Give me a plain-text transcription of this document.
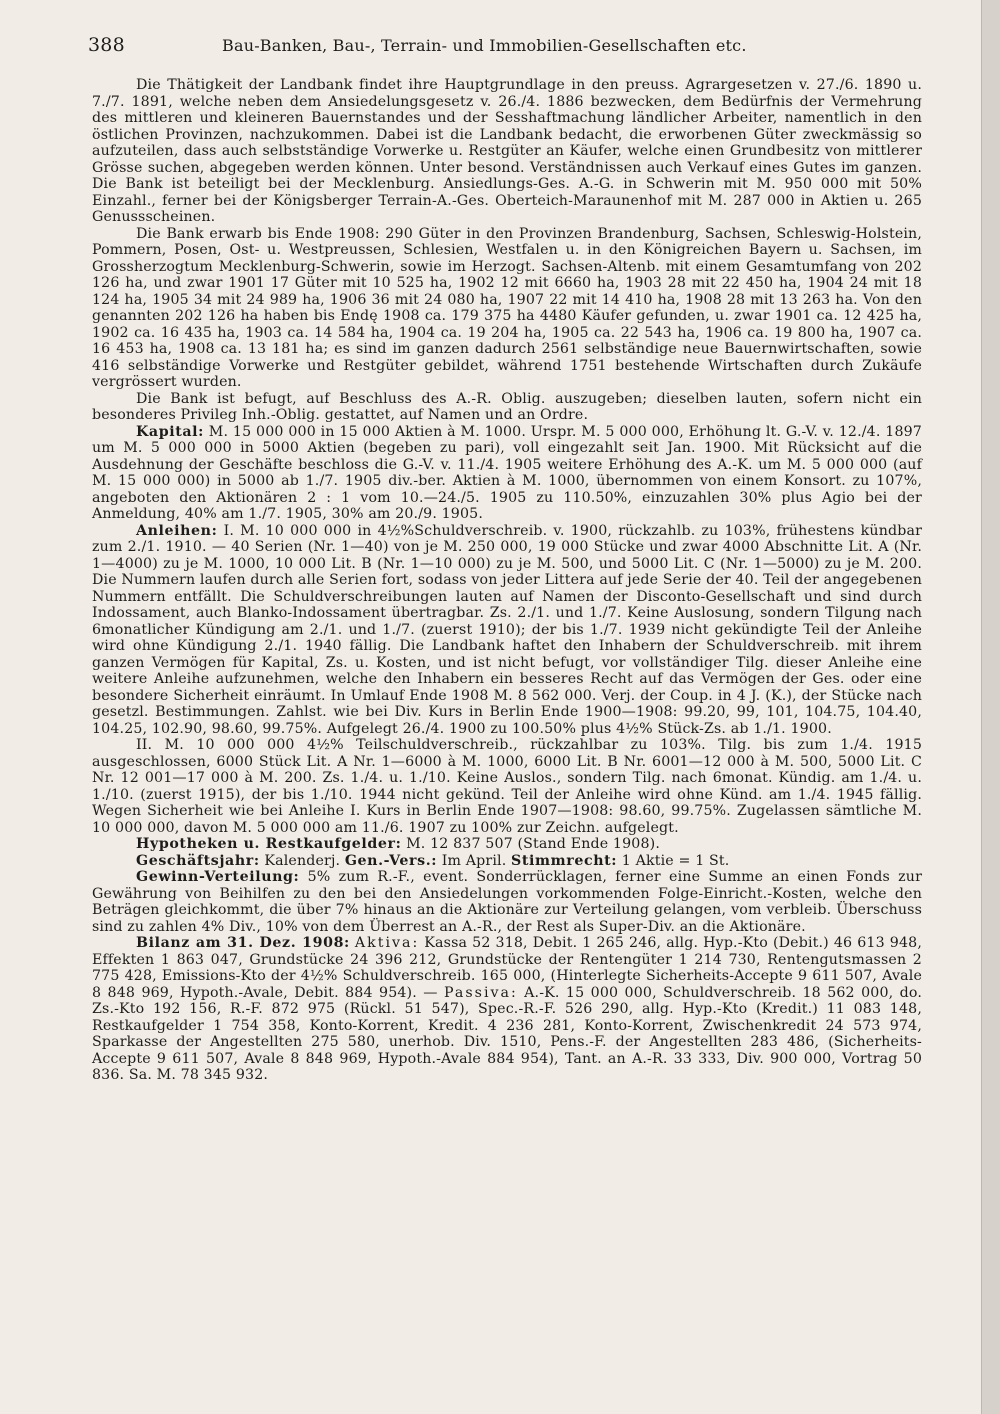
388	Bau-Banken, Bau-, Terrain- und Immobilien-Gesellschaften etc.

Die Thätigkeit der Landbank findet ihre Hauptgrundlage in den preuss. Agrargesetzen v. 27./6. 1890 u. 7./7. 1891, welche neben dem Ansiedelungsgesetz v. 26./4. 1886 bezwecken, dem Bedürfnis der Vermehrung des mittleren und kleineren Bauernstandes und der Sesshaftmachung ländlicher Arbeiter, namentlich in den östlichen Provinzen, nachzukommen. Dabei ist die Landbank bedacht, die erworbenen Güter zweckmässig so aufzuteilen, dass auch selbstständige Vorwerke u. Restgüter an Käufer, welche einen Grundbesitz von mittlerer Grösse suchen, abgegeben werden können. Unter besond. Verständnissen auch Verkauf eines Gutes im ganzen. Die Bank ist beteiligt bei der Mecklenburg. Ansiedlungs-Ges. A.-G. in Schwerin mit M. 950 000 mit 50% Einzahl., ferner bei der Königsberger Terrain-A.-Ges. Oberteich-Maraunenhof mit M. 287 000 in Aktien u. 265 Genussscheinen.

Die Bank erwarb bis Ende 1908: 290 Güter in den Provinzen Brandenburg, Sachsen, Schleswig-Holstein, Pommern, Posen, Ost- u. Westpreussen, Schlesien, Westfalen u. in den Königreichen Bayern u. Sachsen, im Grossherzogtum Mecklenburg-Schwerin, sowie im Herzogt. Sachsen-Altenb. mit einem Gesamtumfang von 202 126 ha, und zwar 1901 17 Güter mit 10 525 ha, 1902 12 mit 6660 ha, 1903 28 mit 22 450 ha, 1904 24 mit 18 124 ha, 1905 34 mit 24 989 ha, 1906 36 mit 24 080 ha, 1907 22 mit 14 410 ha, 1908 28 mit 13 263 ha. Von den genannten 202 126 ha haben bis Endę 1908 ca. 179 375 ha 4480 Käufer gefunden, u. zwar 1901 ca. 12 425 ha, 1902 ca. 16 435 ha, 1903 ca. 14 584 ha, 1904 ca. 19 204 ha, 1905 ca. 22 543 ha, 1906 ca. 19 800 ha, 1907 ca. 16 453 ha, 1908 ca. 13 181 ha; es sind im ganzen dadurch 2561 selbständige neue Bauernwirtschaften, sowie 416 selbständige Vorwerke und Restgüter gebildet, während 1751 bestehende Wirtschaften durch Zukäufe vergrössert wurden.

Die Bank ist befugt, auf Beschluss des A.-R. Oblig. auszugeben; dieselben lauten, sofern nicht ein besonderes Privileg Inh.-Oblig. gestattet, auf Namen und an Ordre.

Kapital: M. 15 000 000 in 15 000 Aktien à M. 1000. Urspr. M. 5 000 000, Erhöhung lt. G.-V. v. 12./4. 1897 um M. 5 000 000 in 5000 Aktien (begeben zu pari), voll eingezahlt seit Jan. 1900. Mit Rücksicht auf die Ausdehnung der Geschäfte beschloss die G.-V. v. 11./4. 1905 weitere Erhöhung des A.-K. um M. 5 000 000 (auf M. 15 000 000) in 5000 ab 1./7. 1905 div.-ber. Aktien à M. 1000, übernommen von einem Konsort. zu 107%, angeboten den Aktionären 2 : 1 vom 10.—24./5. 1905 zu 110.50%, einzuzahlen 30% plus Agio bei der Anmeldung, 40% am 1./7. 1905, 30% am 20./9. 1905.

Anleihen: I. M. 10 000 000 in 4½%Schuldverschreib. v. 1900, rückzahlb. zu 103%, frühestens kündbar zum 2./1. 1910. — 40 Serien (Nr. 1—40) von je M. 250 000, 19 000 Stücke und zwar 4000 Abschnitte Lit. A (Nr. 1—4000) zu je M. 1000, 10 000 Lit. B (Nr. 1—10 000) zu je M. 500, und 5000 Lit. C (Nr. 1—5000) zu je M. 200. Die Nummern laufen durch alle Serien fort, sodass von jeder Littera auf jede Serie der 40. Teil der angegebenen Nummern entfällt. Die Schuldverschreibungen lauten auf Namen der Disconto-Gesellschaft und sind durch Indossament, auch Blanko-Indossament übertragbar. Zs. 2./1. und 1./7. Keine Auslosung, sondern Tilgung nach 6monatlicher Kündigung am 2./1. und 1./7. (zuerst 1910); der bis 1./7. 1939 nicht gekündigte Teil der Anleihe wird ohne Kündigung 2./1. 1940 fällig. Die Landbank haftet den Inhabern der Schuldverschreib. mit ihrem ganzen Vermögen für Kapital, Zs. u. Kosten, und ist nicht befugt, vor vollständiger Tilg. dieser Anleihe eine weitere Anleihe aufzunehmen, welche den Inhabern ein besseres Recht auf das Vermögen der Ges. oder eine besondere Sicherheit einräumt. In Umlauf Ende 1908 M. 8 562 000. Verj. der Coup. in 4 J. (K.), der Stücke nach gesetzl. Bestimmungen. Zahlst. wie bei Div. Kurs in Berlin Ende 1900—1908: 99.20, 99, 101, 104.75, 104.40, 104.25, 102.90, 98.60, 99.75%. Aufgelegt 26./4. 1900 zu 100.50% plus 4½% Stück-Zs. ab 1./1. 1900.

II. M. 10 000 000 4½% Teilschuldverschreib., rückzahlbar zu 103%. Tilg. bis zum 1./4. 1915 ausgeschlossen, 6000 Stück Lit. A Nr. 1—6000 à M. 1000, 6000 Lit. B Nr. 6001—12 000 à M. 500, 5000 Lit. C Nr. 12 001—17 000 à M. 200. Zs. 1./4. u. 1./10. Keine Auslos., sondern Tilg. nach 6monat. Kündig. am 1./4. u. 1./10. (zuerst 1915), der bis 1./10. 1944 nicht gekünd. Teil der Anleihe wird ohne Künd. am 1./4. 1945 fällig. Wegen Sicherheit wie bei Anleihe I. Kurs in Berlin Ende 1907—1908: 98.60, 99.75%. Zugelassen sämtliche M. 10 000 000, davon M. 5 000 000 am 11./6. 1907 zu 100% zur Zeichn. aufgelegt.

Hypotheken u. Restkaufgelder: M. 12 837 507 (Stand Ende 1908).

Geschäftsjahr: Kalenderj. Gen.-Vers.: Im April. Stimmrecht: 1 Aktie = 1 St.

Gewinn-Verteilung: 5% zum R.-F., event. Sonderrücklagen, ferner eine Summe an einen Fonds zur Gewährung von Beihilfen zu den bei den Ansiedelungen vorkommenden Folge-Einricht.-Kosten, welche den Beträgen gleichkommt, die über 7% hinaus an die Aktionäre zur Verteilung gelangen, vom verbleib. Überschuss sind zu zahlen 4% Div., 10% von dem Überrest an A.-R., der Rest als Super-Div. an die Aktionäre.

Bilanz am 31. Dez. 1908: Aktiva: Kassa 52 318, Debit. 1 265 246, allg. Hyp.-Kto (Debit.) 46 613 948, Effekten 1 863 047, Grundstücke 24 396 212, Grundstücke der Rentengüter 1 214 730, Rentengutsmassen 2 775 428, Emissions-Kto der 4½% Schuldverschreib. 165 000, (Hinterlegte Sicherheits-Accepte 9 611 507, Avale 8 848 969, Hypoth.-Avale, Debit. 884 954). — Passiva: A.-K. 15 000 000, Schuldverschreib. 18 562 000, do. Zs.-Kto 192 156, R.-F. 872 975 (Rückl. 51 547), Spec.-R.-F. 526 290, allg. Hyp.-Kto (Kredit.) 11 083 148, Restkaufgelder 1 754 358, Konto-Korrent, Kredit. 4 236 281, Konto-Korrent, Zwischenkredit 24 573 974, Sparkasse der Angestellten 275 580, unerhob. Div. 1510, Pens.-F. der Angestellten 283 486, (Sicherheits-Accepte 9 611 507, Avale 8 848 969, Hypoth.-Avale 884 954), Tant. an A.-R. 33 333, Div. 900 000, Vortrag 50 836. Sa. M. 78 345 932.
